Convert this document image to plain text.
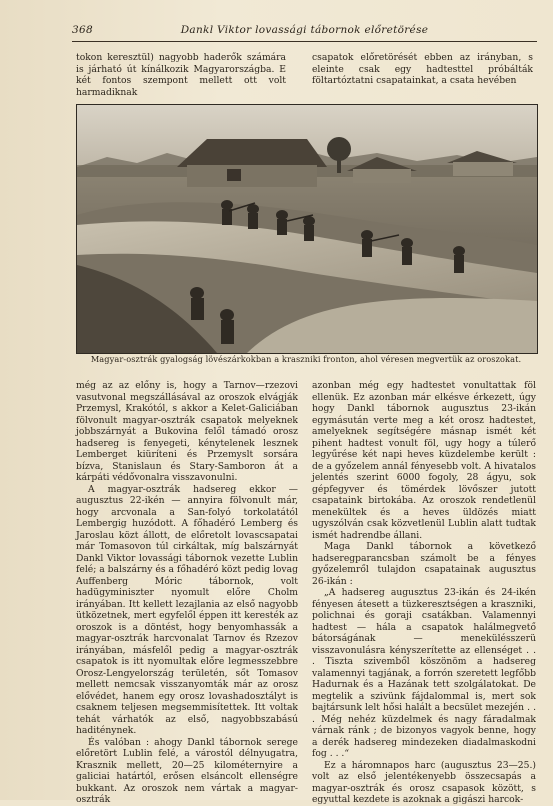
368	Dankl Viktor lovassági tábornok előretörése

tokon keresztül) nagyobb haderők számára is járható út kínálkozik Magyarországba. E két fontos szempont mellett ott volt harmadiknak

csapatok előretörését ebben az irányban, s eleinte csak egy hadtesttel próbálták föltartóztatni csapatainkat, a csata hevében

Magyar-osztrák gyalogság lövészárkokban a kraszniki fronton, ahol véresen megvertük az oroszokat.

még az az előny is, hogy a Tarnov—rzezovi vasutvonal megszállásával az oroszok elvágják Przemysl, Krakótól, s akkor a Kelet-Galiciában fölvonult magyar-osztrák csapatok melyeknek jobbszárnyát a Bukovina felől támadó orosz hadsereg is fenyegeti, kénytelenek lesznek Lemberget kiüríteni és Przemyslt sorsára bízva, Stanislaun és Stary-Samboron át a kárpáti védővonalra visszavonulni.

A magyar-osztrák hadsereg ekkor — augusztus 22-ikén — annyira fölvonult már, hogy arcvonala a San-folyó torkolatától Lembergig huzódott. A főhadéró Lemberg és Jaroslau közt állott, de előretolt lovascsapatai már Tomasovon túl cirkáltak, míg balszárnyát Dankl Viktor lovassági tábornok vezette Lublin felé; a balszárny és a főhadéró közt pedig lovag Auffenberg Móric tábornok, volt hadügyminiszter nyomult előre Cholm irányában. Itt kellett lezajlania az első nagyobb ütközetnek, mert egyfelől éppen itt keresték az oroszok is a döntést, hogy benyomhassák a magyar-osztrák harcvonalat Tarnov és Rzezov irányában, másfelől pedig a magyar-osztrák csapatok is itt nyomultak előre legmesszebbre Orosz-Lengyelország területén, sőt Tomasov mellett nemcsak visszanyomták már az orosz elővédet, hanem egy orosz lovashadosztályt is csaknem teljesen megsemmisítettek. Itt voltak tehát várhatók az első, nagyobbszabású haditénynek.

És valóban : ahogy Dankl tábornok serege előretört Lublin felé, a várostól délnyugatra, Krasznik mellett, 20—25 kilométernyire a galiciai határtól, erősen elsáncolt ellenségre bukkant. Az oroszok nem vártak a magyar-osztrák

azonban még egy hadtestet vonultattak föl ellenük. Ez azonban már elkésve érkezett, úgy hogy Dankl tábornok augusztus 23-ikán egymásután verte meg a két orosz hadtestet, amelyeknek segítségére másnap ismét két pihent hadtest vonult föl, ugy hogy a túlerő legyűrése két napi heves küzdelembe került : de a győzelem annál fényesebb volt. A hivatalos jelentés szerint 6000 fogoly, 28 ágyu, sok gépfegyver és tömérdek lövőszer jutott csapataink birtokába. Az oroszok rendetlenül menekültek és a heves üldözés miatt ugyszólván csak közvetlenül Lublin alatt tudtak ismét hadrendbe állani.

Maga Dankl tábornok a következő hadseregparancsban számolt be a fényes győzelemről tulajdon csapatainak augusztus 26-ikán :

„A hadsereg augusztus 23-ikán és 24-ikén fényesen átesett a tüzkeresztségen a kraszniki, polichnai és goraji csatákban. Valamennyi hadtest — hála a csapatok halálmegvető bátorságának — menekülésszerü visszavonulásra kényszerítette az ellenséget . . . Tiszta szivemből köszönöm a hadsereg valamennyi tagjának, a forrón szeretett legfőbb Hadurnak és a Hazának tett szolgálatokat. De megtelik a szivünk fájdalommal is, mert sok bajtársunk lelt hősi halált a becsület mezején . . . Még nehéz küzdelmek és nagy fáradalmak várnak ránk ; de bizonyos vagyok benne, hogy a derék hadsereg mindezeken diadalmaskodni fog . . .“

Ez a háromnapos harc (augusztus 23—25.) volt az első jelentékenyebb összecsapás a magyar-osztrák és orosz csapasok között, s egyuttal kezdete is azoknak a gigászi harcok-
